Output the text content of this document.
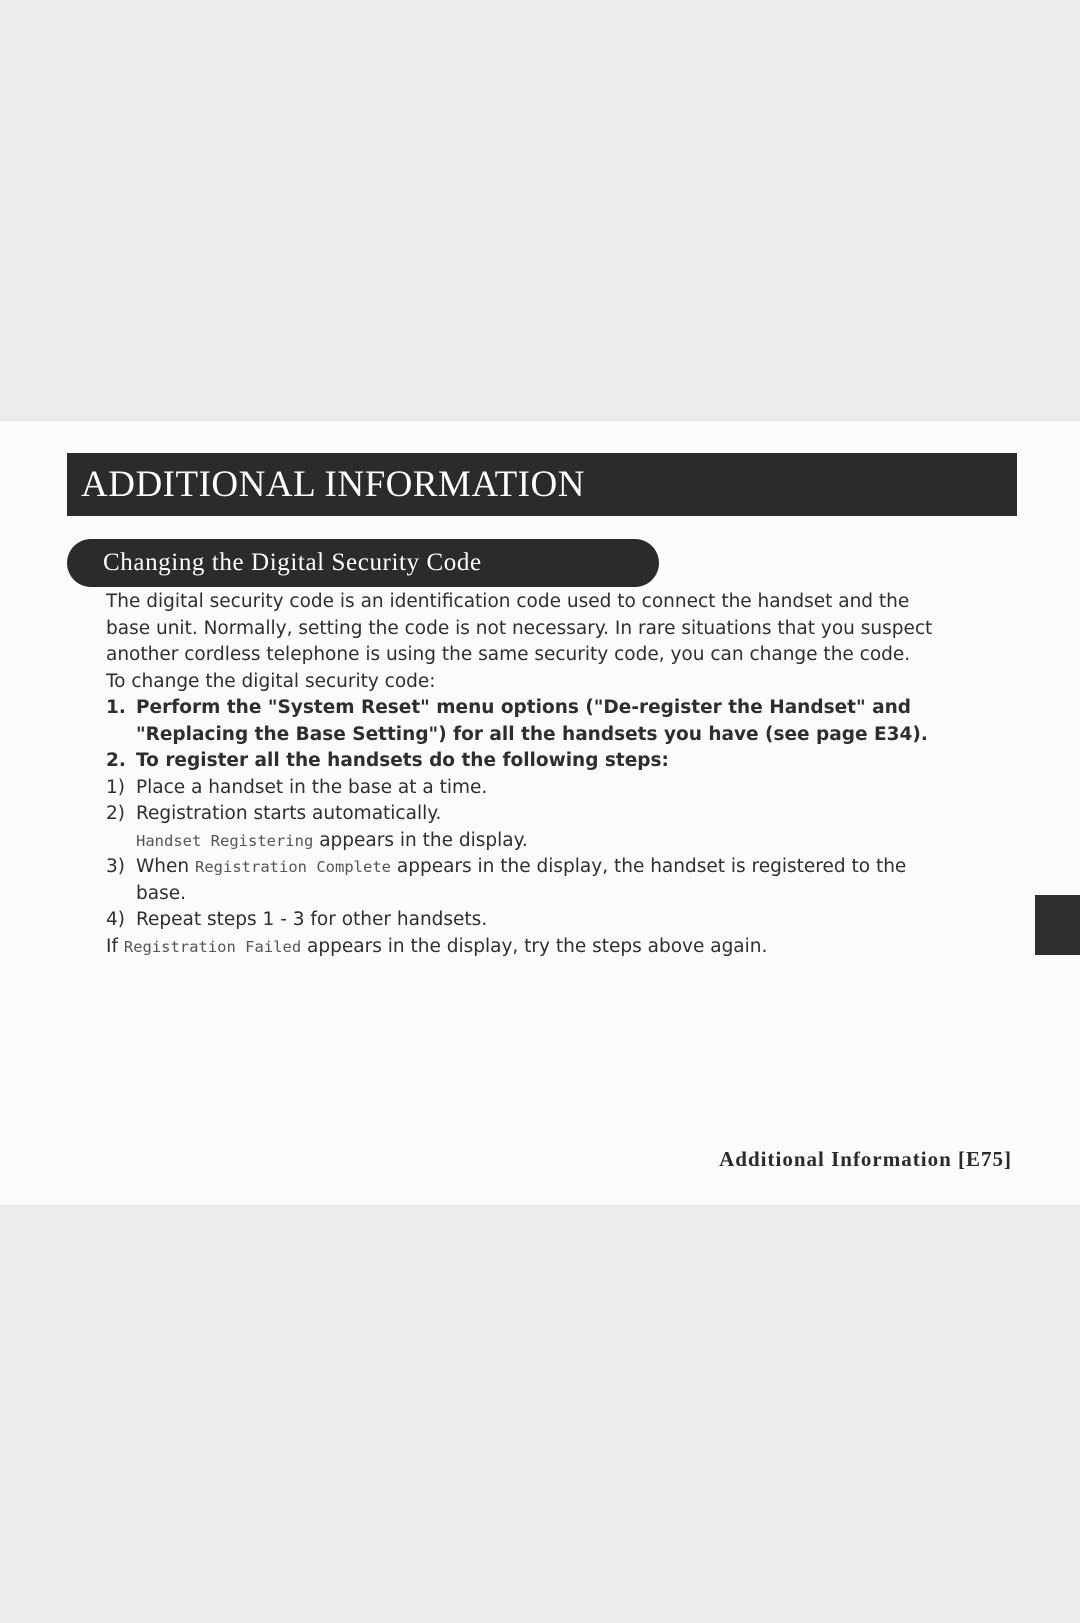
ADDITIONAL INFORMATION
Changing the Digital Security Code

The digital security code is an identification code used to connect the handset and the

base unit. Normally, setting the code is not necessary. In rare situations that you suspect

another cordless telephone is using the same security code, you can change the code.

To change the digital security code:

1. Perform the "System Reset" menu options ("De-register the Handset" and
"Replacing the Base Setting") for all the handsets you have (see page E34).
2. To register all the handsets do the following steps:
1) Place a handset in the base at a time.
2) Registration starts automatically.
Handset Registering appears in the display.
3) When Registration Complete appears in the display, the handset is registered to the
base.
4) Repeat steps 1 - 3 for other handsets.

If Registration Failed appears in the display, try the steps above again.

Additional Information [E75]
